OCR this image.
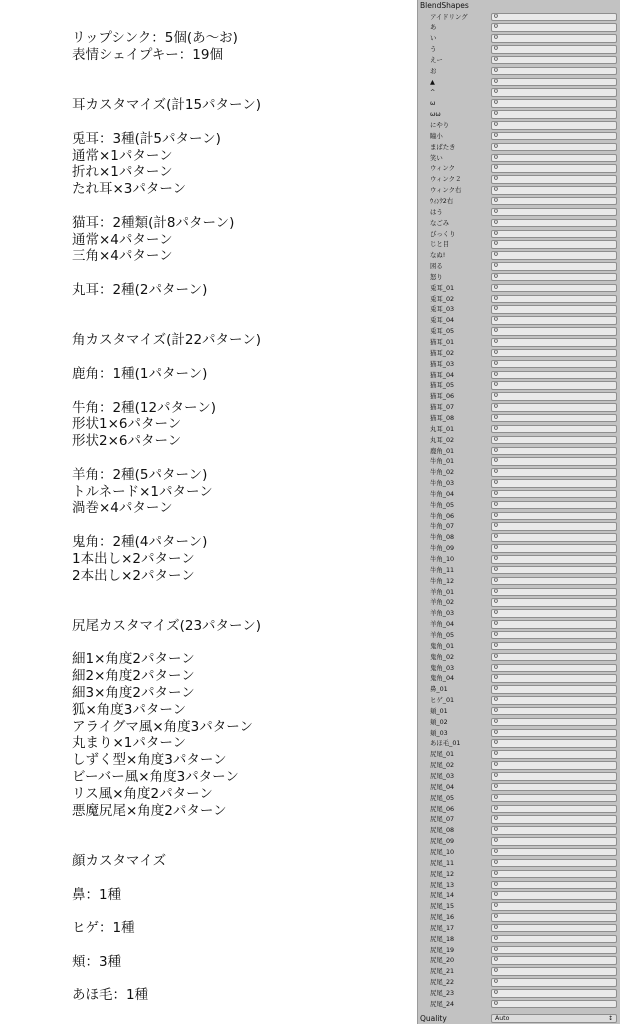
リップシンク：5個(あ〜お)
表情シェイプキー：19個
耳カスタマイズ(計15パターン)
兎耳：3種(計5パターン)
通常×1パターン
折れ×1パターン
たれ耳×3パターン
猫耳：2種類(計8パターン)
通常×4パターン
三角×4パターン
丸耳：2種(2パターン)
角カスタマイズ(計22パターン)
鹿角：1種(1パターン)
牛角：2種(12パターン)
形状1×6パターン
形状2×6パターン
羊角：2種(5パターン)
トルネード×1パターン
渦巻×4パターン
鬼角：2種(4パターン)
1本出し×2パターン
2本出し×2パターン
尻尾カスタマイズ(23パターン)
細1×角度2パターン
細2×角度2パターン
細3×角度2パターン
狐×角度3パターン
アライグマ風×角度3パターン
丸まり×1パターン
しずく型×角度3パターン
ビーバー風×角度3パターン
リス風×角度2パターン
悪魔尻尾×角度2パターン
顔カスタマイズ
鼻：1種
ヒゲ：1種
頬：3種
あほ毛：1種
BlendShapes
アイドリング	0
あ	0
い	0
う	0
えー	0
お	0
▲	0
^	0
ω	0
ωω	0
にやり	0
瞳小	0
まばたき	0
笑い	0
ウィンク	0
ウィンク２	0
ウィンク右	0
ｳｨﾝｸ2右	0
はう	0
なごみ	0
びっくり	0
じと目	0
なぬ!	0
困る	0
怒り	0
兎耳_01	0
兎耳_02	0
兎耳_03	0
兎耳_04	0
兎耳_05	0
猫耳_01	0
猫耳_02	0
猫耳_03	0
猫耳_04	0
猫耳_05	0
猫耳_06	0
猫耳_07	0
猫耳_08	0
丸耳_01	0
丸耳_02	0
鹿角_01	0
牛角_01	0
牛角_02	0
牛角_03	0
牛角_04	0
牛角_05	0
牛角_06	0
牛角_07	0
牛角_08	0
牛角_09	0
牛角_10	0
牛角_11	0
牛角_12	0
羊角_01	0
羊角_02	0
羊角_03	0
羊角_04	0
羊角_05	0
鬼角_01	0
鬼角_02	0
鬼角_03	0
鬼角_04	0
鼻_01	0
ヒゲ_01	0
頬_01	0
頬_02	0
頬_03	0
あほ毛_01	0
尻尾_01	0
尻尾_02	0
尻尾_03	0
尻尾_04	0
尻尾_05	0
尻尾_06	0
尻尾_07	0
尻尾_08	0
尻尾_09	0
尻尾_10	0
尻尾_11	0
尻尾_12	0
尻尾_13	0
尻尾_14	0
尻尾_15	0
尻尾_16	0
尻尾_17	0
尻尾_18	0
尻尾_19	0
尻尾_20	0
尻尾_21	0
尻尾_22	0
尻尾_23	0
尻尾_24	0
Quality	Auto	↕
